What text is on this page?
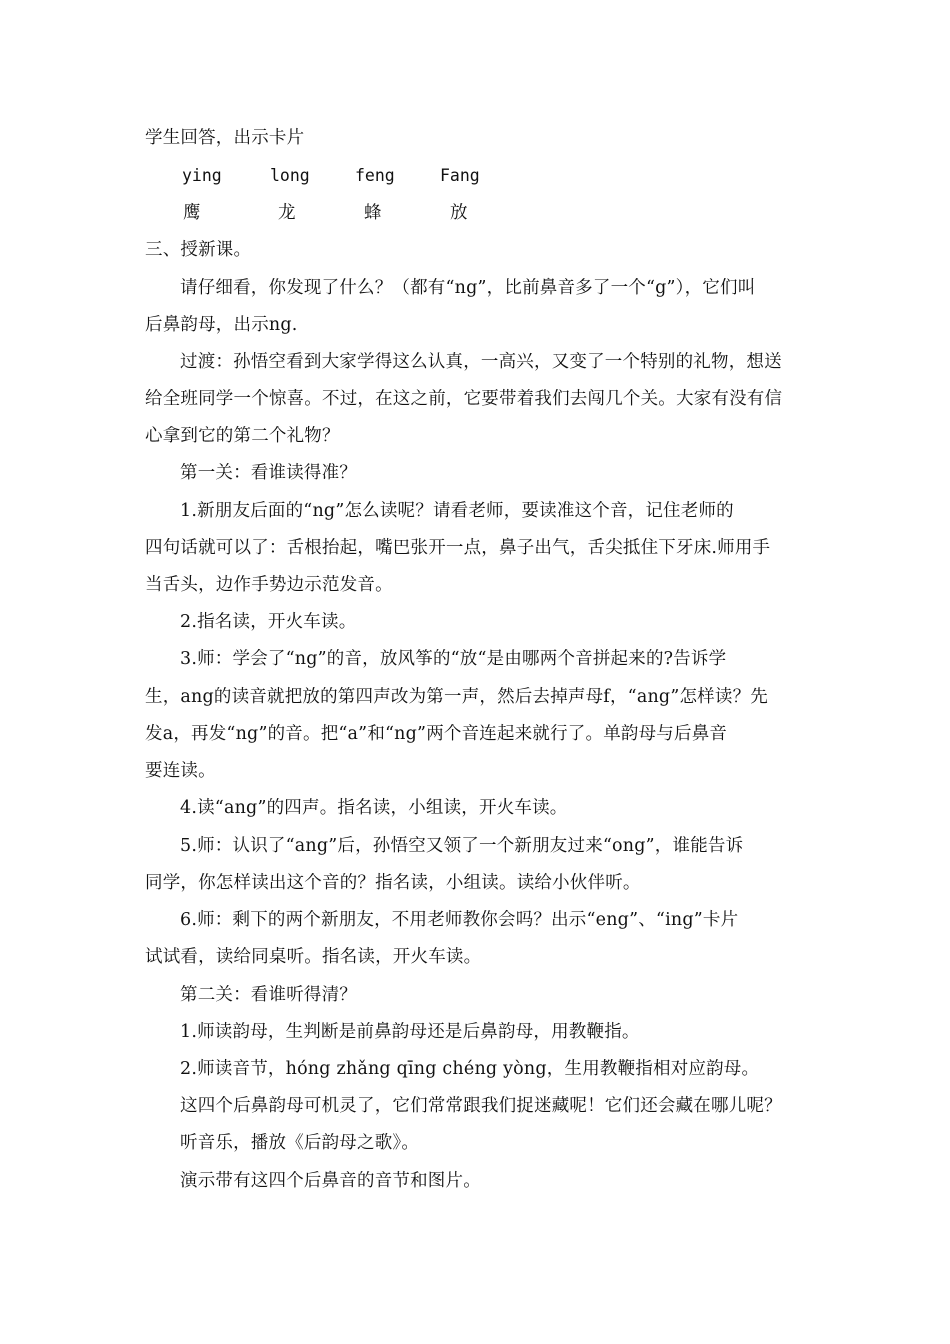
学生回答，出示卡片
ying	long	feng	Fang
鹰	龙	蜂	放
三、授新课。
请仔细看，你发现了什么？（都有“ng”，比前鼻音多了一个“g”），它们叫
后鼻韵母，出示ng.
过渡：孙悟空看到大家学得这么认真，一高兴，又变了一个特别的礼物，想送
给全班同学一个惊喜。不过，在这之前，它要带着我们去闯几个关。大家有没有信
心拿到它的第二个礼物？
第一关：看谁读得准？
1.新朋友后面的“ng”怎么读呢？请看老师，要读准这个音，记住老师的
四句话就可以了：舌根抬起，嘴巴张开一点，鼻子出气，舌尖抵住下牙床.师用手
当舌头，边作手势边示范发音。
2.指名读，开火车读。
3.师：学会了“ng”的音，放风筝的“放“是由哪两个音拼起来的?告诉学
生，ang的读音就把放的第四声改为第一声，然后去掉声母f，“ang”怎样读？先
发a，再发“ng”的音。把“a”和“ng”两个音连起来就行了。单韵母与后鼻音
要连读。
4.读“ang”的四声。指名读，小组读，开火车读。
5.师：认识了“ang”后，孙悟空又领了一个新朋友过来“ong”，谁能告诉
同学，你怎样读出这个音的？指名读，小组读。读给小伙伴听。
6.师：剩下的两个新朋友，不用老师教你会吗？出示“eng”、“ing”卡片
试试看，读给同桌听。指名读，开火车读。
第二关：看谁听得清？
1.师读韵母，生判断是前鼻韵母还是后鼻韵母，用教鞭指。
2.师读音节，hóng zhǎng qīng chéng yòng，生用教鞭指相对应韵母。
这四个后鼻韵母可机灵了，它们常常跟我们捉迷藏呢！它们还会藏在哪儿呢？
听音乐，播放《后韵母之歌》。
演示带有这四个后鼻音的音节和图片。
